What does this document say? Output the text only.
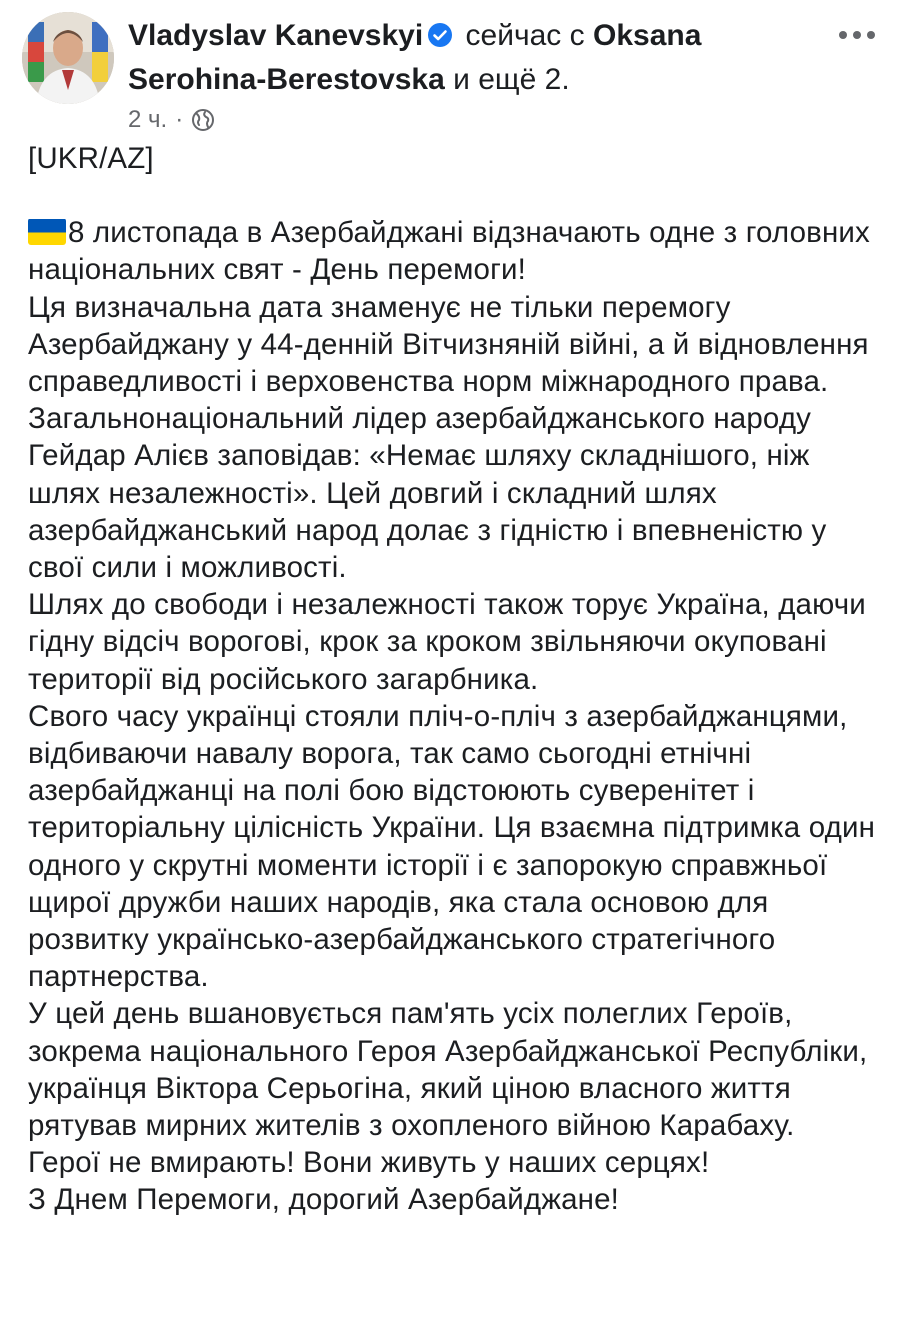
Vladyslav Kanevskyi сейчас с Oksana Serohina-Berestovska и ещё 2.
2 ч. ·

[UKR/AZ]

8 листопада в Азербайджані відзначають одне з головних національних свят - День перемоги!

Ця визначальна дата знаменує не тільки перемогу Азербайджану у 44-денній Вітчизняній війні, а й відновлення справедливості і верховенства норм міжнародного права.

Загальнонаціональний лідер азербайджанського народу Гейдар Алієв заповідав: «Немає шляху складнішого, ніж шлях незалежності». Цей довгий і складний шлях азербайджанський народ долає з гідністю і впевненістю у свої сили і можливості.

Шлях до свободи і незалежності також торує Україна, даючи гідну відсіч ворогові, крок за кроком звільняючи окуповані території від російського загарбника.

Свого часу українці стояли пліч-о-пліч з азербайджанцями, відбиваючи навалу ворога, так само сьогодні етнічні азербайджанці на полі бою відстоюють суверенітет і територіальну цілісність України. Ця взаємна підтримка один одного у скрутні моменти історії і є запорокую справжньої щирої дружби наших народів, яка стала основою для розвитку українсько-азербайджанського стратегічного партнерства.

У цей день вшановується пам'ять усіх полеглих Героїв, зокрема національного Героя Азербайджанської Республіки, українця Віктора Серьогіна, який ціною власного життя рятував мирних жителів з охопленого війною Карабаху.

Герої не вмирають! Вони живуть у наших серцях!

З Днем Перемоги, дорогий Азербайджане!
